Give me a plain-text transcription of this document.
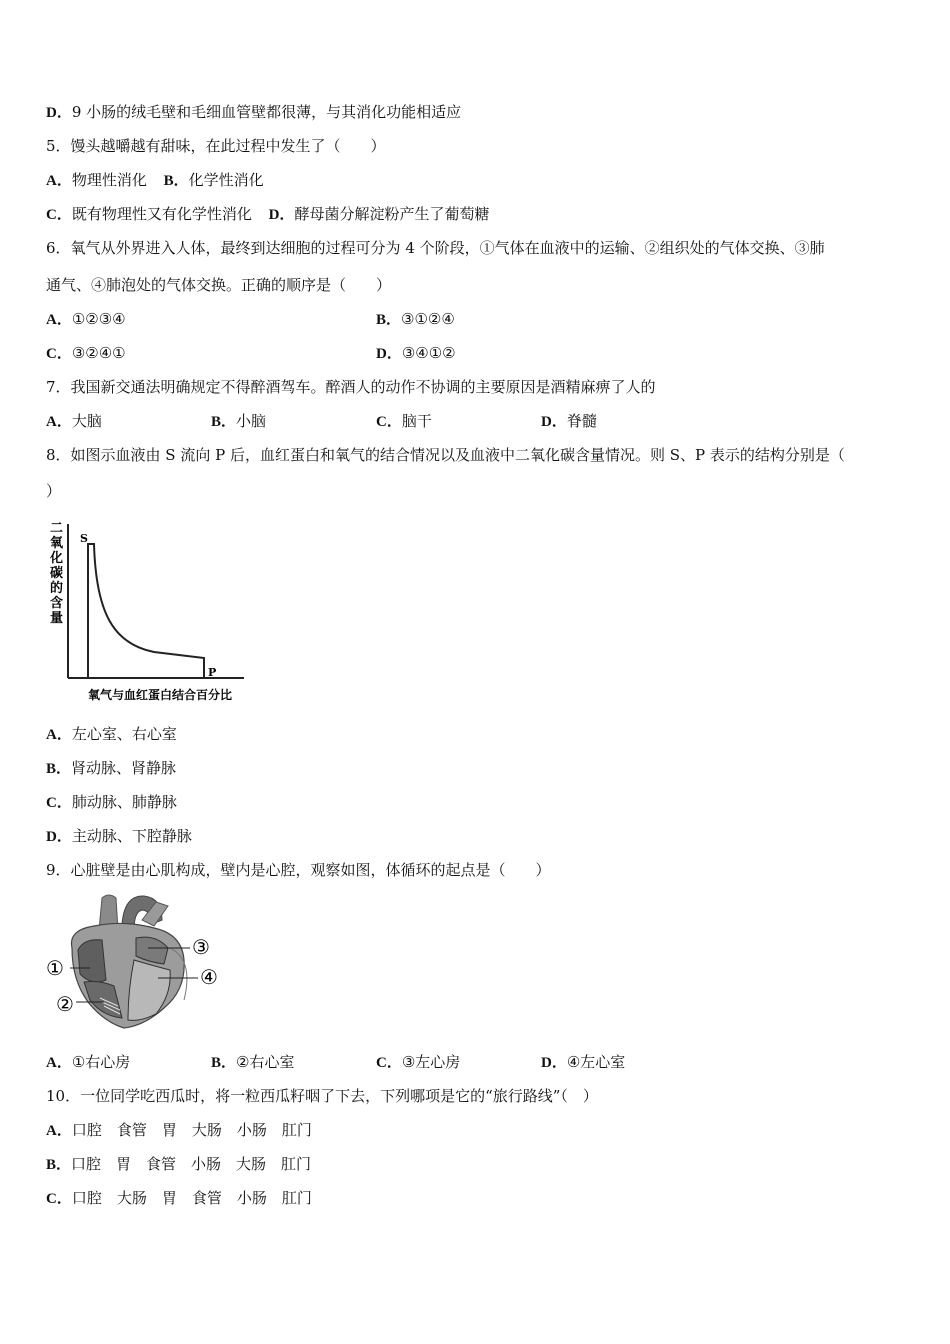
D．9 小肠的绒毛壁和毛细血管壁都很薄，与其消化功能相适应
5．馒头越嚼越有甜味，在此过程中发生了（　　）
A．物理性消化 B．化学性消化
C．既有物理性又有化学性消化 D．酵母菌分解淀粉产生了葡萄糖
6．氧气从外界进入人体，最终到达细胞的过程可分为 4 个阶段，①气体在血液中的运输、②组织处的气体交换、③肺
通气、④肺泡处的气体交换。正确的顺序是（　　）
A．①②③④	B．③①②④
C．③②④①	D．③④①②
7．我国新交通法明确规定不得醉酒驾车。醉酒人的动作不协调的主要原因是酒精麻痹了人的
A．大脑	B．小脑	C．脑干	D．脊髓
8．如图示血液由 S 流向 P 后，血红蛋白和氧气的结合情况以及血液中二氧化碳含量情况。则 S、P 表示的结构分别是（
）
二 氧 化 碳 的 含 量
S
P
氧气与血红蛋白结合百分比
A．左心室、右心室
B．肾动脉、肾静脉
C．肺动脉、肺静脉
D．主动脉、下腔静脉
9．心脏壁是由心肌构成，壁内是心腔，观察如图，体循环的起点是（　　）
①
②
③
④
A．①右心房	B．②右心室	C．③左心房	D．④左心室
10．一位同学吃西瓜时，将一粒西瓜籽咽了下去，下列哪项是它的“旅行路线”（　）
A．口腔　食管　胃　大肠　小肠　肛门
B．口腔　胃　食管　小肠　大肠　肛门
C．口腔　大肠　胃　食管　小肠　肛门
